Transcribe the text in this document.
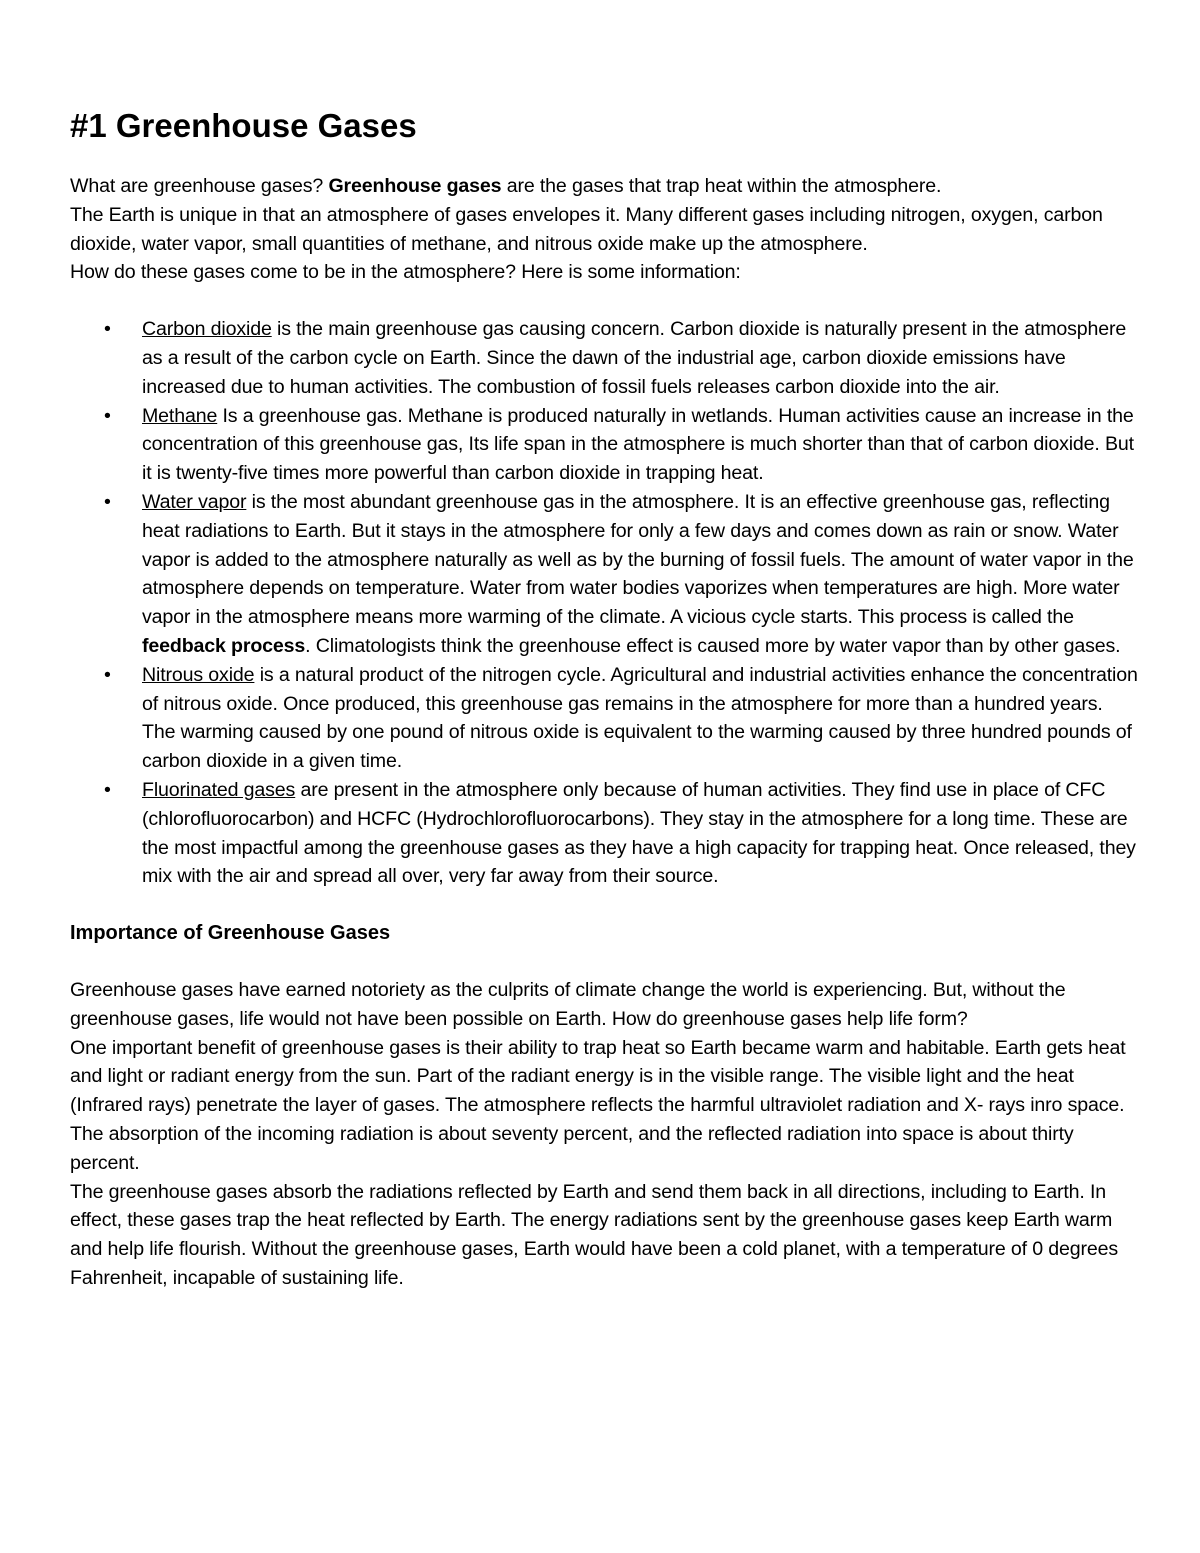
#1 Greenhouse Gases

What are greenhouse gases? Greenhouse gases are the gases that trap heat within the atmosphere.

The Earth is unique in that an atmosphere of gases envelopes it. Many different gases including nitrogen, oxygen, carbon dioxide, water vapor, small quantities of methane, and nitrous oxide make up the atmosphere.

How do these gases come to be in the atmosphere? Here is some information:

• Carbon dioxide is the main greenhouse gas causing concern. Carbon dioxide is naturally present in the atmosphere as a result of the carbon cycle on Earth. Since the dawn of the industrial age, carbon dioxide emissions have increased due to human activities. The combustion of fossil fuels releases carbon dioxide into the air.
• Methane Is a greenhouse gas. Methane is produced naturally in wetlands. Human activities cause an increase in the concentration of this greenhouse gas, Its life span in the atmosphere is much shorter than that of carbon dioxide. But it is twenty-five times more powerful than carbon dioxide in trapping heat.
• Water vapor is the most abundant greenhouse gas in the atmosphere. It is an effective greenhouse gas, reflecting heat radiations to Earth. But it stays in the atmosphere for only a few days and comes down as rain or snow. Water vapor is added to the atmosphere naturally as well as by the burning of fossil fuels. The amount of water vapor in the atmosphere depends on temperature. Water from water bodies vaporizes when temperatures are high. More water vapor in the atmosphere means more warming of the climate. A vicious cycle starts. This process is called the feedback process. Climatologists think the greenhouse effect is caused more by water vapor than by other gases.
• Nitrous oxide is a natural product of the nitrogen cycle. Agricultural and industrial activities enhance the concentration of nitrous oxide. Once produced, this greenhouse gas remains in the atmosphere for more than a hundred years. The warming caused by one pound of nitrous oxide is equivalent to the warming caused by three hundred pounds of carbon dioxide in a given time.
• Fluorinated gases are present in the atmosphere only because of human activities. They find use in place of CFC (chlorofluorocarbon) and HCFC (Hydrochlorofluorocarbons). They stay in the atmosphere for a long time. These are the most impactful among the greenhouse gases as they have a high capacity for trapping heat. Once released, they mix with the air and spread all over, very far away from their source.
Importance of Greenhouse Gases

Greenhouse gases have earned notoriety as the culprits of climate change the world is experiencing. But, without the greenhouse gases, life would not have been possible on Earth. How do greenhouse gases help life form?

One important benefit of greenhouse gases is their ability to trap heat so Earth became warm and habitable. Earth gets heat and light or radiant energy from the sun. Part of the radiant energy is in the visible range. The visible light and the heat (Infrared rays) penetrate the layer of gases. The atmosphere reflects the harmful ultraviolet radiation and X- rays inro space. The absorption of the incoming radiation is about seventy percent, and the reflected radiation into space is about thirty percent.

The greenhouse gases absorb the radiations reflected by Earth and send them back in all directions, including to Earth. In effect, these gases trap the heat reflected by Earth. The energy radiations sent by the greenhouse gases keep Earth warm and help life flourish. Without the greenhouse gases, Earth would have been a cold planet, with a temperature of 0 degrees Fahrenheit, incapable of sustaining life.
